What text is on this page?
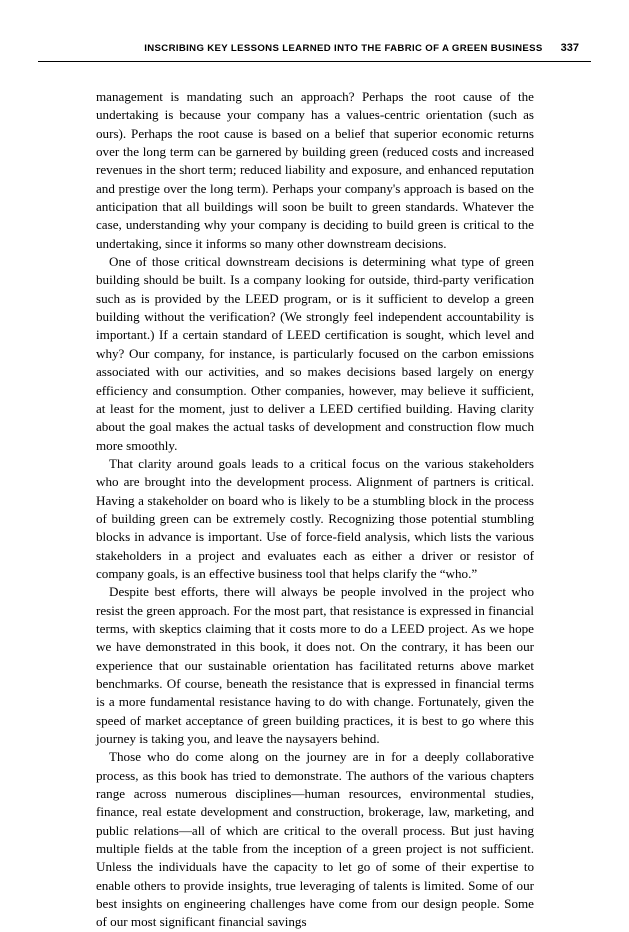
INSCRIBING KEY LESSONS LEARNED INTO THE FABRIC OF A GREEN BUSINESS 337

management is mandating such an approach? Perhaps the root cause of the undertaking is because your company has a values-centric orientation (such as ours). Perhaps the root cause is based on a belief that superior economic returns over the long term can be garnered by building green (reduced costs and increased revenues in the short term; reduced liability and exposure, and enhanced reputation and prestige over the long term). Perhaps your company's approach is based on the anticipation that all buildings will soon be built to green standards. Whatever the case, understanding why your company is deciding to build green is critical to the undertaking, since it informs so many other downstream decisions.

One of those critical downstream decisions is determining what type of green building should be built. Is a company looking for outside, third-party verification such as is provided by the LEED program, or is it sufficient to develop a green building without the verification? (We strongly feel independent accountability is important.) If a certain standard of LEED certification is sought, which level and why? Our company, for instance, is particularly focused on the carbon emissions associated with our activities, and so makes decisions based largely on energy efficiency and consumption. Other companies, however, may believe it sufficient, at least for the moment, just to deliver a LEED certified building. Having clarity about the goal makes the actual tasks of development and construction flow much more smoothly.

That clarity around goals leads to a critical focus on the various stakeholders who are brought into the development process. Alignment of partners is critical. Having a stakeholder on board who is likely to be a stumbling block in the process of building green can be extremely costly. Recognizing those potential stumbling blocks in advance is important. Use of force-field analysis, which lists the various stakeholders in a project and evaluates each as either a driver or resistor of company goals, is an effective business tool that helps clarify the “who.”

Despite best efforts, there will always be people involved in the project who resist the green approach. For the most part, that resistance is expressed in financial terms, with skeptics claiming that it costs more to do a LEED project. As we hope we have demonstrated in this book, it does not. On the contrary, it has been our experience that our sustainable orientation has facilitated returns above market benchmarks. Of course, beneath the resistance that is expressed in financial terms is a more fundamental resistance having to do with change. Fortunately, given the speed of market acceptance of green building practices, it is best to go where this journey is taking you, and leave the naysayers behind.

Those who do come along on the journey are in for a deeply collaborative process, as this book has tried to demonstrate. The authors of the various chapters range across numerous disciplines—human resources, environmental studies, finance, real estate development and construction, brokerage, law, marketing, and public relations—all of which are critical to the overall process. But just having multiple fields at the table from the inception of a green project is not sufficient. Unless the individuals have the capacity to let go of some of their expertise to enable others to provide insights, true leveraging of talents is limited. Some of our best insights on engineering challenges have come from our design people. Some of our most significant financial savings
